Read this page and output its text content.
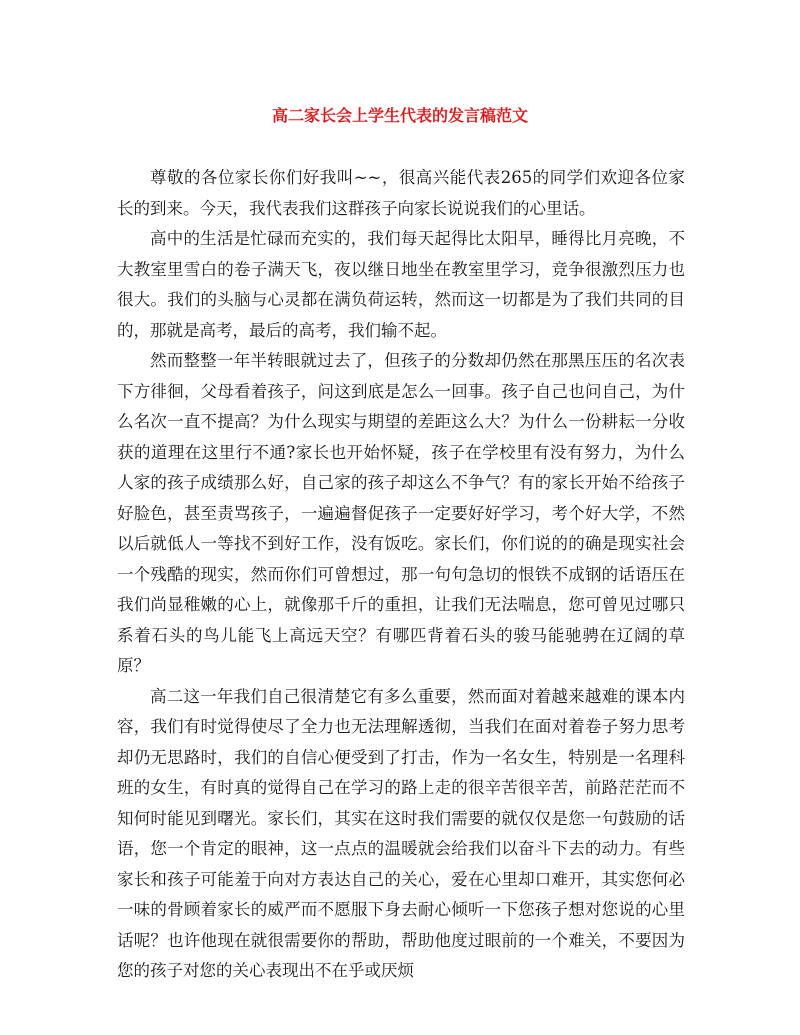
高二家长会上学生代表的发言稿范文

尊敬的各位家长你们好我叫~~，很高兴能代表265的同学们欢迎各位家长的到来。今天，我代表我们这群孩子向家长说说我们的心里话。

高中的生活是忙碌而充实的，我们每天起得比太阳早，睡得比月亮晚，不大教室里雪白的卷子满天飞，夜以继日地坐在教室里学习，竞争很激烈压力也很大。我们的头脑与心灵都在满负荷运转，然而这一切都是为了我们共同的目的，那就是高考，最后的高考，我们输不起。

然而整整一年半转眼就过去了，但孩子的分数却仍然在那黑压压的名次表下方徘徊，父母看着孩子，问这到底是怎么一回事。孩子自己也问自己，为什么名次一直不提高？为什么现实与期望的差距这么大？为什么一份耕耘一分收获的道理在这里行不通?家长也开始怀疑，孩子在学校里有没有努力，为什么人家的孩子成绩那么好，自己家的孩子却这么不争气？有的家长开始不给孩子好脸色，甚至责骂孩子，一遍遍督促孩子一定要好好学习，考个好大学，不然以后就低人一等找不到好工作，没有饭吃。家长们，你们说的的确是现实社会一个残酷的现实，然而你们可曾想过，那一句句急切的恨铁不成钢的话语压在我们尚显稚嫩的心上，就像那千斤的重担，让我们无法喘息，您可曾见过哪只系着石头的鸟儿能飞上高远天空？有哪匹背着石头的骏马能驰骋在辽阔的草原？

高二这一年我们自己很清楚它有多么重要，然而面对着越来越难的课本内容，我们有时觉得使尽了全力也无法理解透彻，当我们在面对着卷子努力思考却仍无思路时，我们的自信心便受到了打击，作为一名女生，特别是一名理科班的女生，有时真的觉得自己在学习的路上走的很辛苦很辛苦，前路茫茫而不知何时能见到曙光。家长们，其实在这时我们需要的就仅仅是您一句鼓励的话语，您一个肯定的眼神，这一点点的温暖就会给我们以奋斗下去的动力。有些家长和孩子可能羞于向对方表达自己的关心，爱在心里却口难开，其实您何必一味的骨顾着家长的威严而不愿服下身去耐心倾听一下您孩子想对您说的心里话呢？也许他现在就很需要你的帮助，帮助他度过眼前的一个难关，不要因为您的孩子对您的关心表现出不在乎或厌烦
